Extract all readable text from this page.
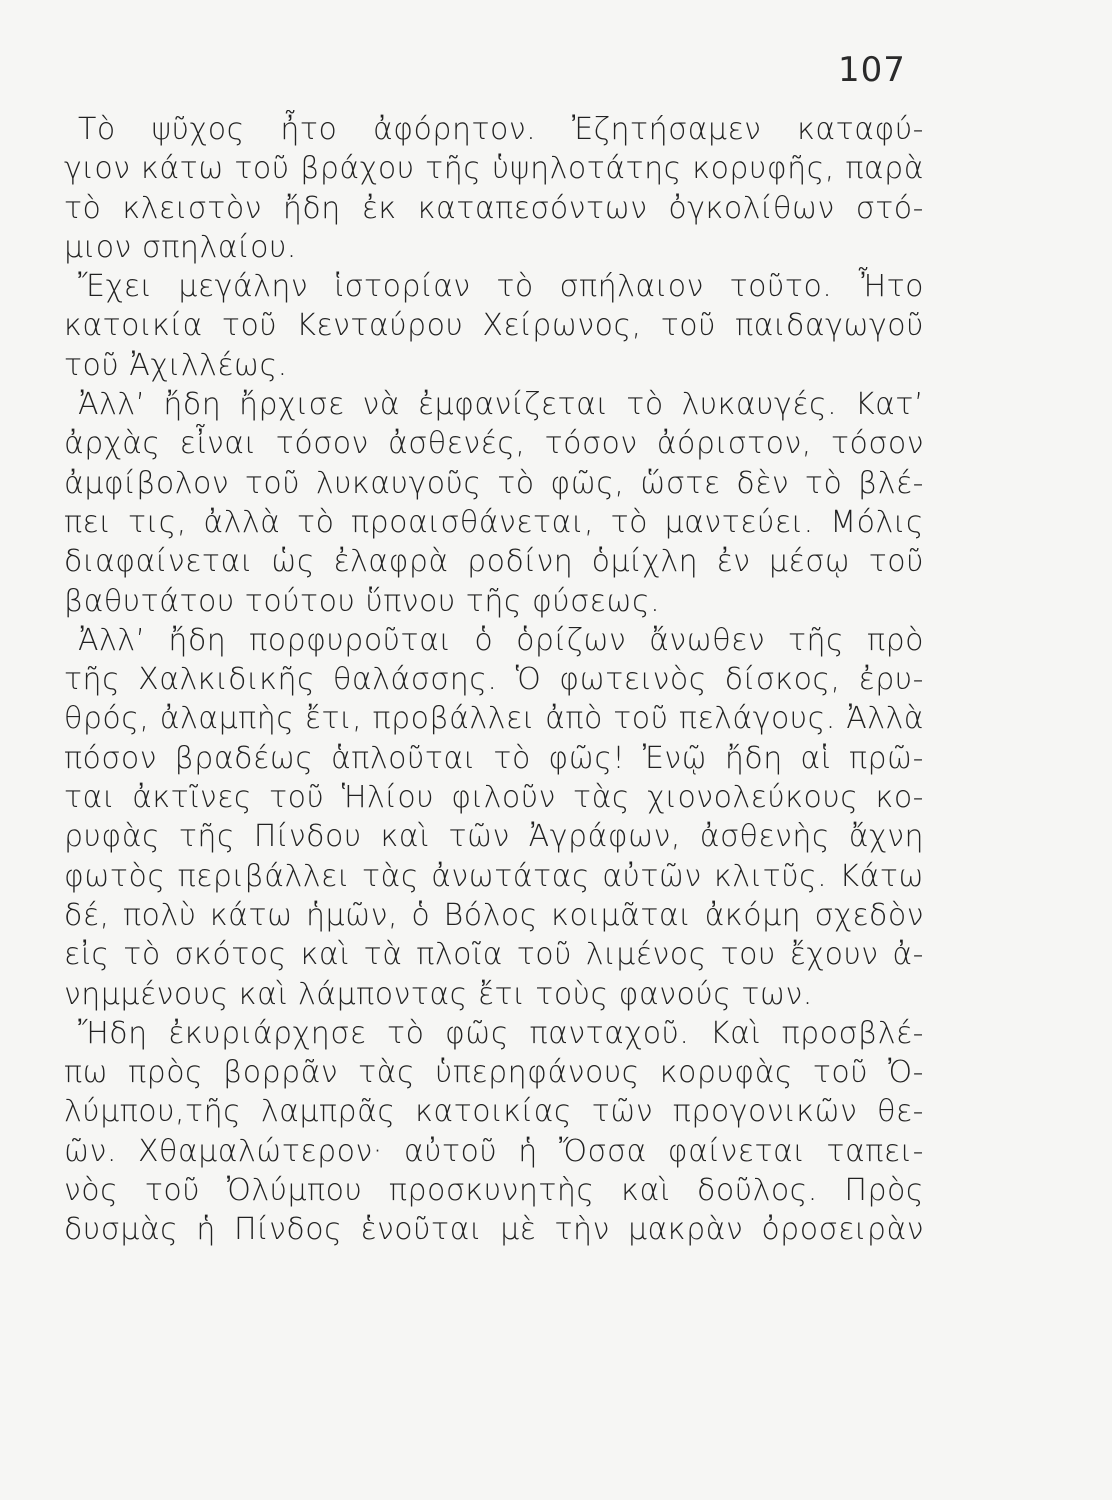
107
Τὸ ψῦχος ἦτο ἀφόρητον. Ἐζητήσαμεν καταφύ-
γιον κάτω τοῦ βράχου τῆς ὑψηλοτάτης κορυφῆς, παρὰ
τὸ κλειστὸν ἤδη ἐκ καταπεσόντων ὀγκολίθων στό-
μιον σπηλαίου.
Ἔχει μεγάλην ἱστορίαν τὸ σπήλαιον τοῦτο. Ἦτο
κατοικία τοῦ Κενταύρου Χείρωνος, τοῦ παιδαγωγοῦ
τοῦ Ἀχιλλέως.
Ἀλλ’ ἤδη ἤρχισε νὰ ἐμφανίζεται τὸ λυκαυγές. Κατ’
ἀρχὰς εἶναι τόσον ἀσθενές, τόσον ἀόριστον, τόσον
ἀμφίβολον τοῦ λυκαυγοῦς τὸ φῶς, ὥστε δὲν τὸ βλέ-
πει τις, ἀλλὰ τὸ προαισθάνεται, τὸ μαντεύει. Μόλις
διαφαίνεται ὡς ἐλαφρὰ ροδίνη ὁμίχλη ἐν μέσῳ τοῦ
βαθυτάτου τούτου ὕπνου τῆς φύσεως.
Ἀλλ’ ἤδη πορφυροῦται ὁ ὁρίζων ἄνωθεν τῆς πρὸ
τῆς Χαλκιδικῆς θαλάσσης. Ὁ φωτεινὸς δίσκος, ἐρυ-
θρός, ἀλαμπὴς ἔτι, προβάλλει ἀπὸ τοῦ πελάγους. Ἀλλὰ
πόσον βραδέως ἁπλοῦται τὸ φῶς! Ἐνῷ ἤδη αἱ πρῶ-
ται ἀκτῖνες τοῦ Ἡλίου φιλοῦν τὰς χιονολεύκους κο-
ρυφὰς τῆς Πίνδου καὶ τῶν Ἀγράφων, ἀσθενὴς ἄχνη
φωτὸς περιβάλλει τὰς ἀνωτάτας αὐτῶν κλιτῦς. Κάτω
δέ, πολὺ κάτω ἡμῶν, ὁ Βόλος κοιμᾶται ἀκόμη σχεδὸν
εἰς τὸ σκότος καὶ τὰ πλοῖα τοῦ λιμένος του ἔχουν ἀ-
νημμένους καὶ λάμποντας ἔτι τοὺς φανούς των.
Ἤδη ἐκυριάρχησε τὸ φῶς πανταχοῦ. Καὶ προσβλέ-
πω πρὸς βορρᾶν τὰς ὑπερηφάνους κορυφὰς τοῦ Ὀ-
λύμπου,τῆς λαμπρᾶς κατοικίας τῶν προγονικῶν θε-
ῶν. Χθαμαλώτερον· αὐτοῦ ἡ Ὄσσα φαίνεται ταπει-
νὸς τοῦ Ὀλύμπου προσκυνητὴς καὶ δοῦλος. Πρὸς
δυσμὰς ἡ Πίνδος ἑνοῦται μὲ τὴν μακρὰν ὀροσειρὰν
